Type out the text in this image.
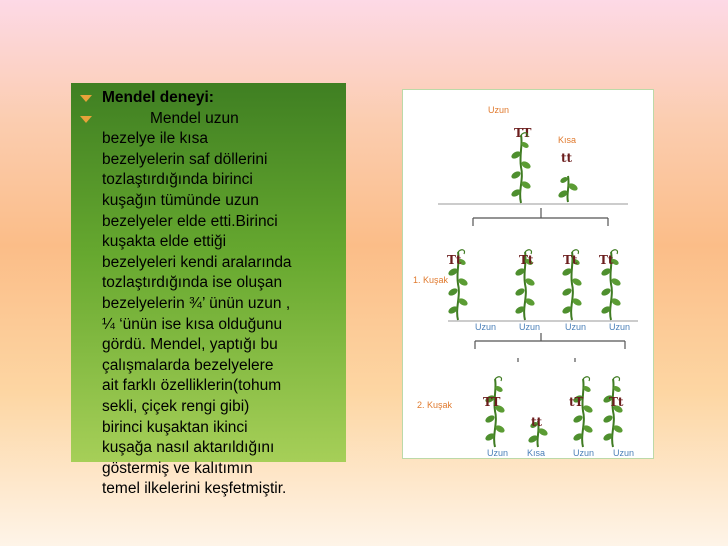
Mendel deneyi:
Mendel uzun
bezelye ile kısa
bezelyelerin saf döllerini
tozlaştırdığında birinci
kuşağın tümünde uzun
bezelyeler elde etti.Birinci
kuşakta elde ettiği
bezelyeleri kendi aralarında
tozlaştırdığında ise oluşan
bezelyelerin ¾’ ünün uzun ,
¼ ‘ünün ise kısa olduğunu
gördü. Mendel, yaptığı bu
çalışmalarda bezelyelere
ait farklı özelliklerin(tohum
sekli, çiçek rengi gibi)
birinci kuşaktan ikinci
kuşağa nasıl aktarıldığını
göstermiş ve kalıtımın
temel ilkelerini keşfetmiştir.
Uzun
TT	Kısa
tt
1. Kuşak
Tt	Tt Tt Tt
Uzun	Uzun	Uzun	Uzun
2. Kuşak	TT
tt
tT Tt
Uzun Kısa	Uzun Uzun
